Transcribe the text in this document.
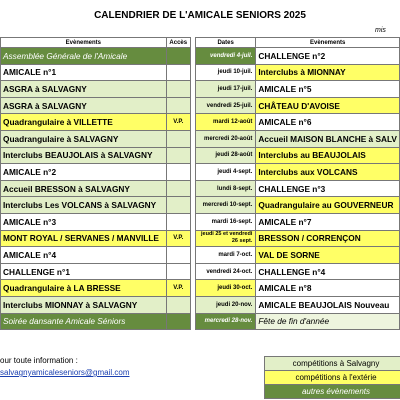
CALENDRIER DE L'AMICALE SENIORS 2025
mis
Evènements	Accès		Dates	Evènements
Assemblée Générale de l'Amicale			vendredi 4-juil.	CHALLENGE n°2
AMICALE n°1			jeudi 10-juil.	Interclubs à MIONNAY
ASGRA à SALVAGNY			jeudi 17-juil.	AMICALE n°5
ASGRA à SALVAGNY			vendredi 25-juil.	CHÂTEAU D'AVOISE
Quadrangulaire à VILLETTE	V.P.		mardi 12-août	AMICALE n°6
Quadrangulaire à SALVAGNY			mercredi 20-août	Accueil MAISON BLANCHE à SALV
Interclubs BEAUJOLAIS à SALVAGNY			jeudi 28-août	Interclubs au BEAUJOLAIS
AMICALE n°2			jeudi 4-sept.	Interclubs aux VOLCANS
Accueil BRESSON à SALVAGNY			lundi 8-sept.	CHALLENGE n°3
Interclubs Les VOLCANS à SALVAGNY			mercredi 10-sept.	Quadrangulaire au GOUVERNEUR
AMICALE n°3			mardi 16-sept.	AMICALE n°7
MONT ROYAL / SERVANES / MANVILLE	V.P.		jeudi 25 et vendredi 26 sept.	BRESSON / CORRENÇON
AMICALE n°4			mardi 7-oct.	VAL DE SORNE
CHALLENGE n°1			vendredi 24-oct.	CHALLENGE n°4
Quadrangulaire à LA BRESSE	V.P.		jeudi 30-oct.	AMICALE n°8
Interclubs MIONNAY à SALVAGNY			jeudi 20-nov.	AMICALE BEAUJOLAIS Nouveau
Soirée dansante Amicale Séniors			mercredi 28-nov.	Fête de fin d'année
our toute information :
salvagnyamicaleseniors@gmail.com
compétitions à Salvagny
compétitions à l'extérie
autres évènements
